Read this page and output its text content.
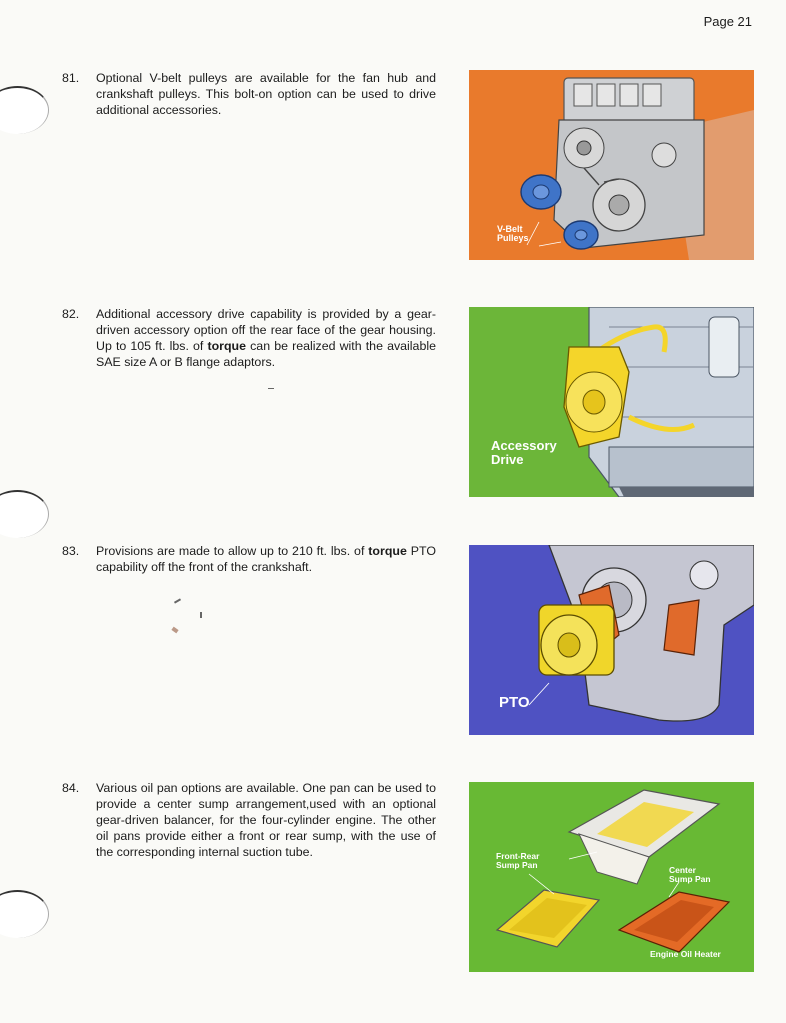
Page 21
81. Optional V-belt pulleys are available for the fan hub and crankshaft pulleys. This bolt-on option can be used to drive additional accessories.
V-Belt
Pulleys
82. Additional accessory drive capability is provided by a gear-driven accessory option off the rear face of the gear housing. Up to 105 ft. lbs. of torque can be realized with the available SAE size A or B flange adaptors.
Accessory
Drive
83. Provisions are made to allow up to 210 ft. lbs. of torque PTO capability off the front of the crankshaft.
PTO
84. Various oil pan options are available. One pan can be used to provide a center sump arrangement,used with an optional gear-driven balancer, for the four-cylinder engine. The other oil pans provide either a front or rear sump, with the use of the corresponding internal suction tube.	Front-Rear
Sump Pan
Center
Sump Pan
Engine Oil Heater
